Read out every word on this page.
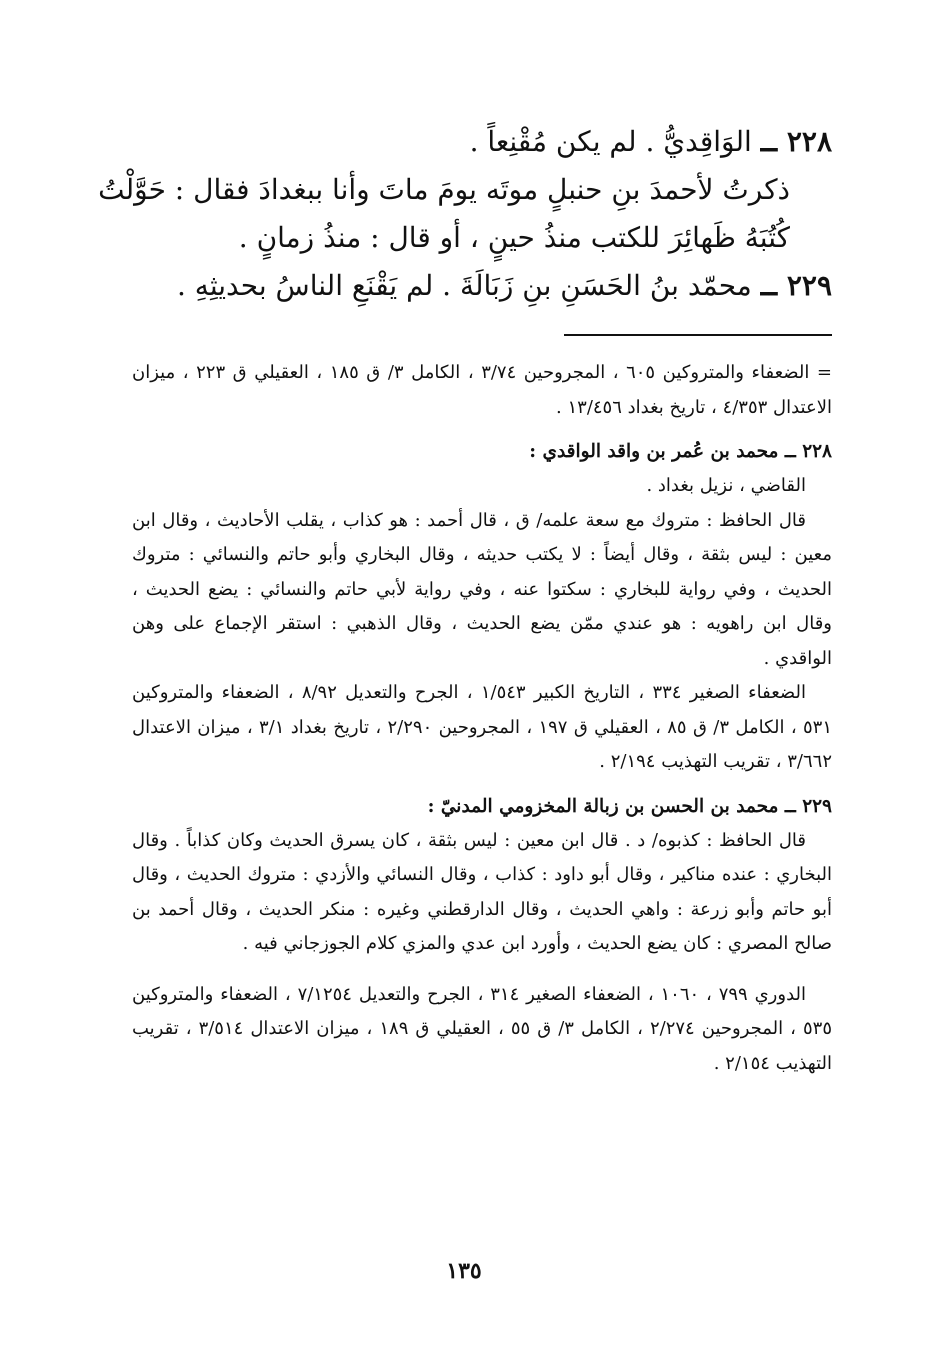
٢٢٨ ــ الوَاقِديُّ . لم يكن مُقْنِعاً .
ذكرتُ لأحمدَ بنِ حنبلٍ موتَه يومَ ماتَ وأنا ببغدادَ فقال : حَوَّلْتُ
كُتُبَهُ ظَهائِرَ للكتب منذُ حينٍ ، أو قال : منذُ زمانٍ .
٢٢٩ ــ محمّد بنُ الحَسَنِ بنِ زَبَالَةَ . لم يَقْنَعِ الناسُ بحديثِهِ .

= الضعفاء والمتروكين ٦٠٥ ، المجروحين ٣/٧٤ ، الكامل ٣/ ق ١٨٥ ، العقيلي ق ٢٢٣ ، ميزان الاعتدال ٤/٣٥٣ ، تاريخ بغداد ١٣/٤٥٦ .

٢٢٨ ــ محمد بن عُمر بن واقد الواقدي :

القاضي ، نزيل بغداد .

قال الحافظ : متروك مع سعة علمه/ ق ، قال أحمد : هو كذاب ، يقلب الأحاديث ، وقال ابن معين : ليس بثقة ، وقال أيضاً : لا يكتب حديثه ، وقال البخاري وأبو حاتم والنسائي : متروك الحديث ، وفي رواية للبخاري : سكتوا عنه ، وفي رواية لأبي حاتم والنسائي : يضع الحديث ، وقال ابن راهويه : هو عندي ممّن يضع الحديث ، وقال الذهبي : استقر الإجماع على وهن الواقدي .

الضعفاء الصغير ٣٣٤ ، التاريخ الكبير ١/٥٤٣ ، الجرح والتعديل ٨/٩٢ ، الضعفاء والمتروكين ٥٣١ ، الكامل ٣/ ق ٨٥ ، العقيلي ق ١٩٧ ، المجروحين ٢/٢٩٠ ، تاريخ بغداد ٣/١ ، ميزان الاعتدال ٣/٦٦٢ ، تقريب التهذيب ٢/١٩٤ .

٢٢٩ ــ محمد بن الحسن بن زبالة المخزومي المدنيّ :

قال الحافظ : كذبوه/ د . قال ابن معين : ليس بثقة ، كان يسرق الحديث وكان كذاباً . وقال البخاري : عنده مناكير ، وقال أبو داود : كذاب ، وقال النسائي والأزدي : متروك الحديث ، وقال أبو حاتم وأبو زرعة : واهي الحديث ، وقال الدارقطني وغيره : منكر الحديث ، وقال أحمد بن صالح المصري : كان يضع الحديث ، وأورد ابن عدي والمزي كلام الجوزجاني فيه .

الدوري ٧٩٩ ، ١٠٦٠ ، الضعفاء الصغير ٣١٤ ، الجرح والتعديل ٧/١٢٥٤ ، الضعفاء والمتروكين ٥٣٥ ، المجروحين ٢/٢٧٤ ، الكامل ٣/ ق ٥٥ ، العقيلي ق ١٨٩ ، ميزان الاعتدال ٣/٥١٤ ، تقريب التهذيب ٢/١٥٤ .

١٣٥
